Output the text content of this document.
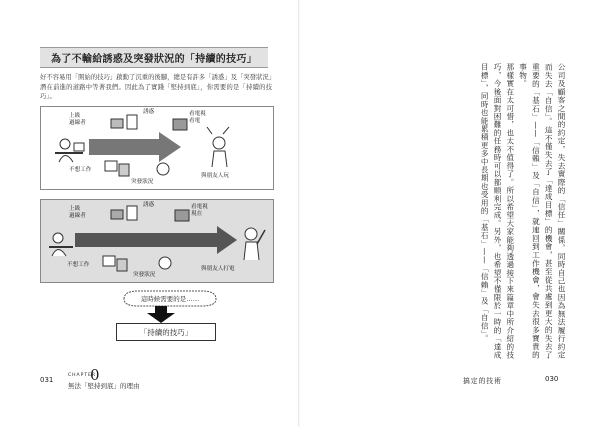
為了不輸給誘惑及突發狀況的「持續的技巧」
好不容易用「開始的技巧」啟動了沉重的後腳，總是有許多「誘惑」及「突發狀況」潛在前進的道路中等著我們。因此為了實踐「堅持到底」，你需要的是「持續的技巧」。
上級
過線者
誘惑	看電視
看電
不想工作
突發狀況
與朋友人玩
上級
過線者
誘惑	看電視
現在
不想工作
突發狀況
與朋友人打電
這時候需要的是……
「持續的技巧」
031
CHAPTER
0
無法「堅持到底」的理由

公司及顧客之間的約定，失去實際的「信任」關係，同時自己也因為無法履行約定而失去「自信」。這不僅失去了「達成目標」的機會，甚至從共處到更大的失去了重要的「基石」——「信賴」及「自信」，就連回到工作機會，會失去很多寶貴的事物。

那樣實在太可惜，也太不值得了。所以希望大家能夠透過接下來篇章中所介紹的技巧，今後面對困難的任務時可以都順利完成。另外，也希望不僅限於一時的「達成目標」，同時也能累積更多中長期也受用的「基石」——「信賴」及「自信」。

搞定的技術	030
